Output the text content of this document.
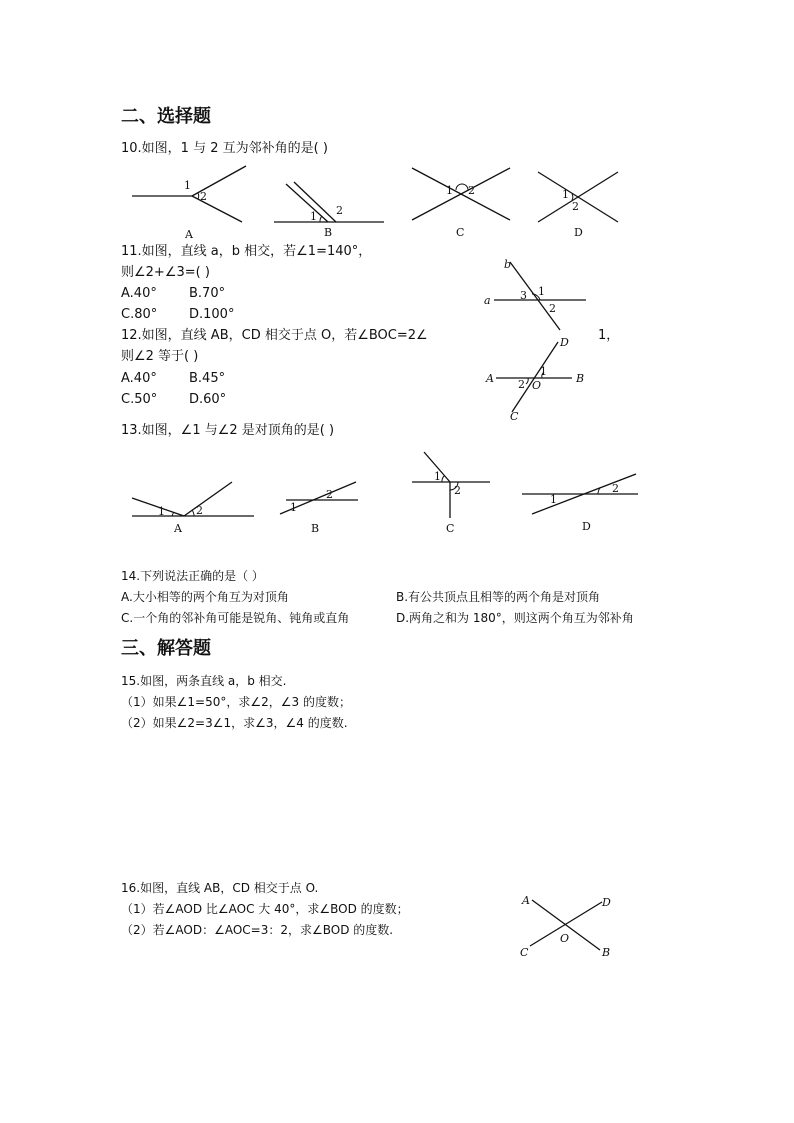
二、选择题
10.如图，1 与 2 互为邻补角的是( )
1
2
A
1 2
B
1 2
C
1
2
D
11.如图，直线 a，b 相交，若∠1=140°，
则∠2+∠3=( )
A.40° B.70°
C.80° D.100°
b
a
1
2
3
12.如图，直线 AB，CD 相交于点 O，若∠BOC=2∠	1，
则∠2 等于( )
A.40° B.45°
C.50° D.60°
D
A	B
C
O
1
2
13.如图，∠1 与∠2 是对顶角的是( )
1	2
A
1
2
B
1
2
C
1
2
D
14.下列说法正确的是（ ）
A.大小相等的两个角互为对顶角	B.有公共顶点且相等的两个角是对顶角
C.一个角的邻补角可能是锐角、钝角或直角	D.两角之和为 180°，则这两个角互为邻补角
三、解答题
15.如图，两条直线 a，b 相交.
（1）如果∠1=50°，求∠2，∠3 的度数；
（2）如果∠2=3∠1，求∠3，∠4 的度数.
16.如图，直线 AB，CD 相交于点 O.
（1）若∠AOD 比∠AOC 大 40°，求∠BOD 的度数；
（2）若∠AOD：∠AOC=3：2，求∠BOD 的度数.
A	D
C	B
O
